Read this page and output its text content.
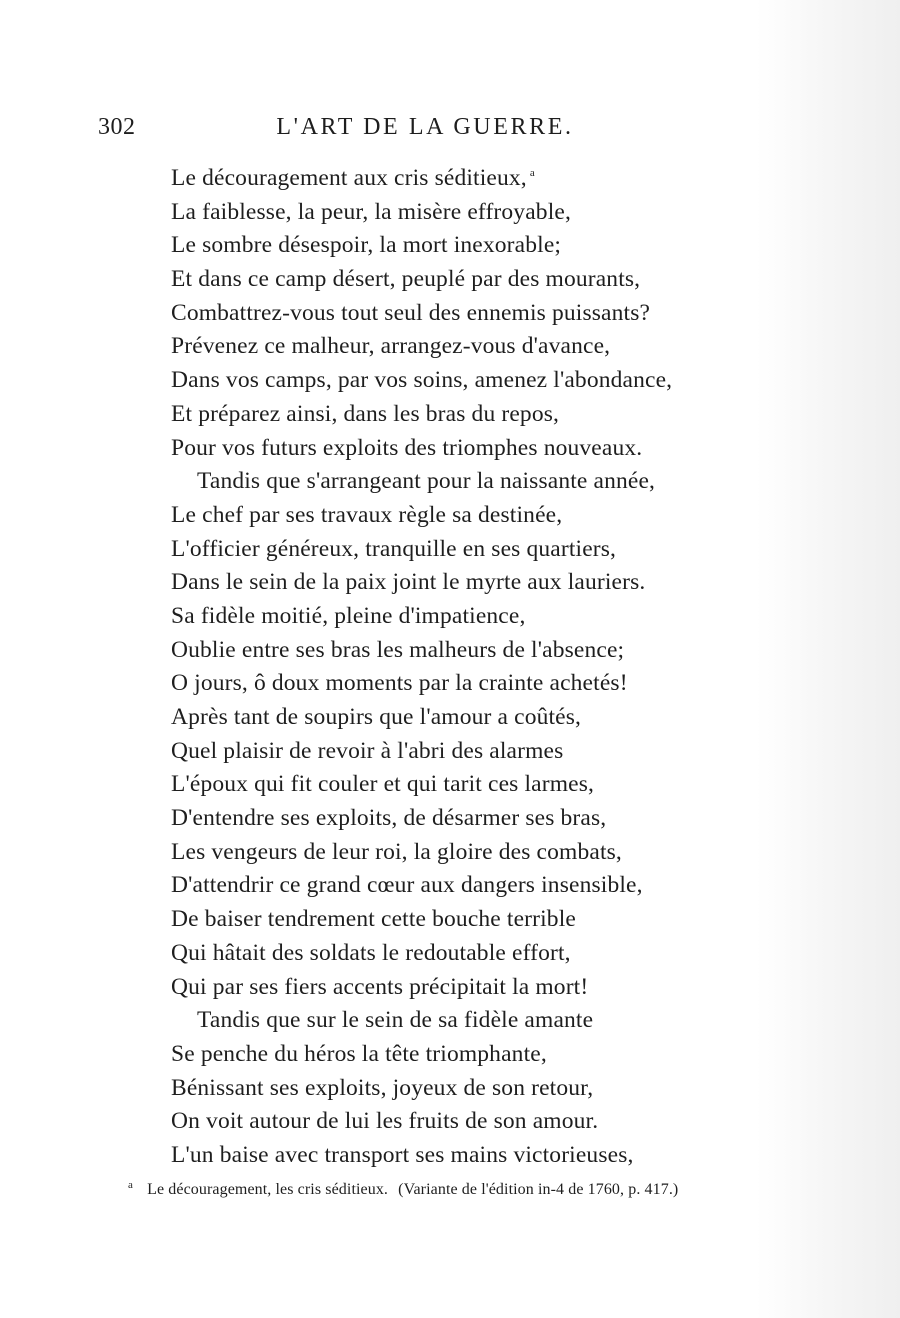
302	L'ART DE LA GUERRE.
Le découragement aux cris séditieux, $^a$
La faiblesse, la peur, la misère effroyable,
Le sombre désespoir, la mort inexorable;
Et dans ce camp désert, peuplé par des mourants,
Combattrez-vous tout seul des ennemis puissants?
Prévenez ce malheur, arrangez-vous d'avance,
Dans vos camps, par vos soins, amenez l'abondance,
Et préparez ainsi, dans les bras du repos,
Pour vos futurs exploits des triomphes nouveaux.
Tandis que s'arrangeant pour la naissante année,
Le chef par ses travaux règle sa destinée,
L'officier généreux, tranquille en ses quartiers,
Dans le sein de la paix joint le myrte aux lauriers.
Sa fidèle moitié, pleine d'impatience,
Oublie entre ses bras les malheurs de l'absence;
O jours, ô doux moments par la crainte achetés!
Après tant de soupirs que l'amour a coûtés,
Quel plaisir de revoir à l'abri des alarmes
L'époux qui fit couler et qui tarit ces larmes,
D'entendre ses exploits, de désarmer ses bras,
Les vengeurs de leur roi, la gloire des combats,
D'attendrir ce grand cœur aux dangers insensible,
De baiser tendrement cette bouche terrible
Qui hâtait des soldats le redoutable effort,
Qui par ses fiers accents précipitait la mort!
Tandis que sur le sein de sa fidèle amante
Se penche du héros la tête triomphante,
Bénissant ses exploits, joyeux de son retour,
On voit autour de lui les fruits de son amour.
L'un baise avec transport ses mains victorieuses,
$^a$ Le découragement, les cris séditieux. (Variante de l'édition in-4 de 1760, p. 417.)
